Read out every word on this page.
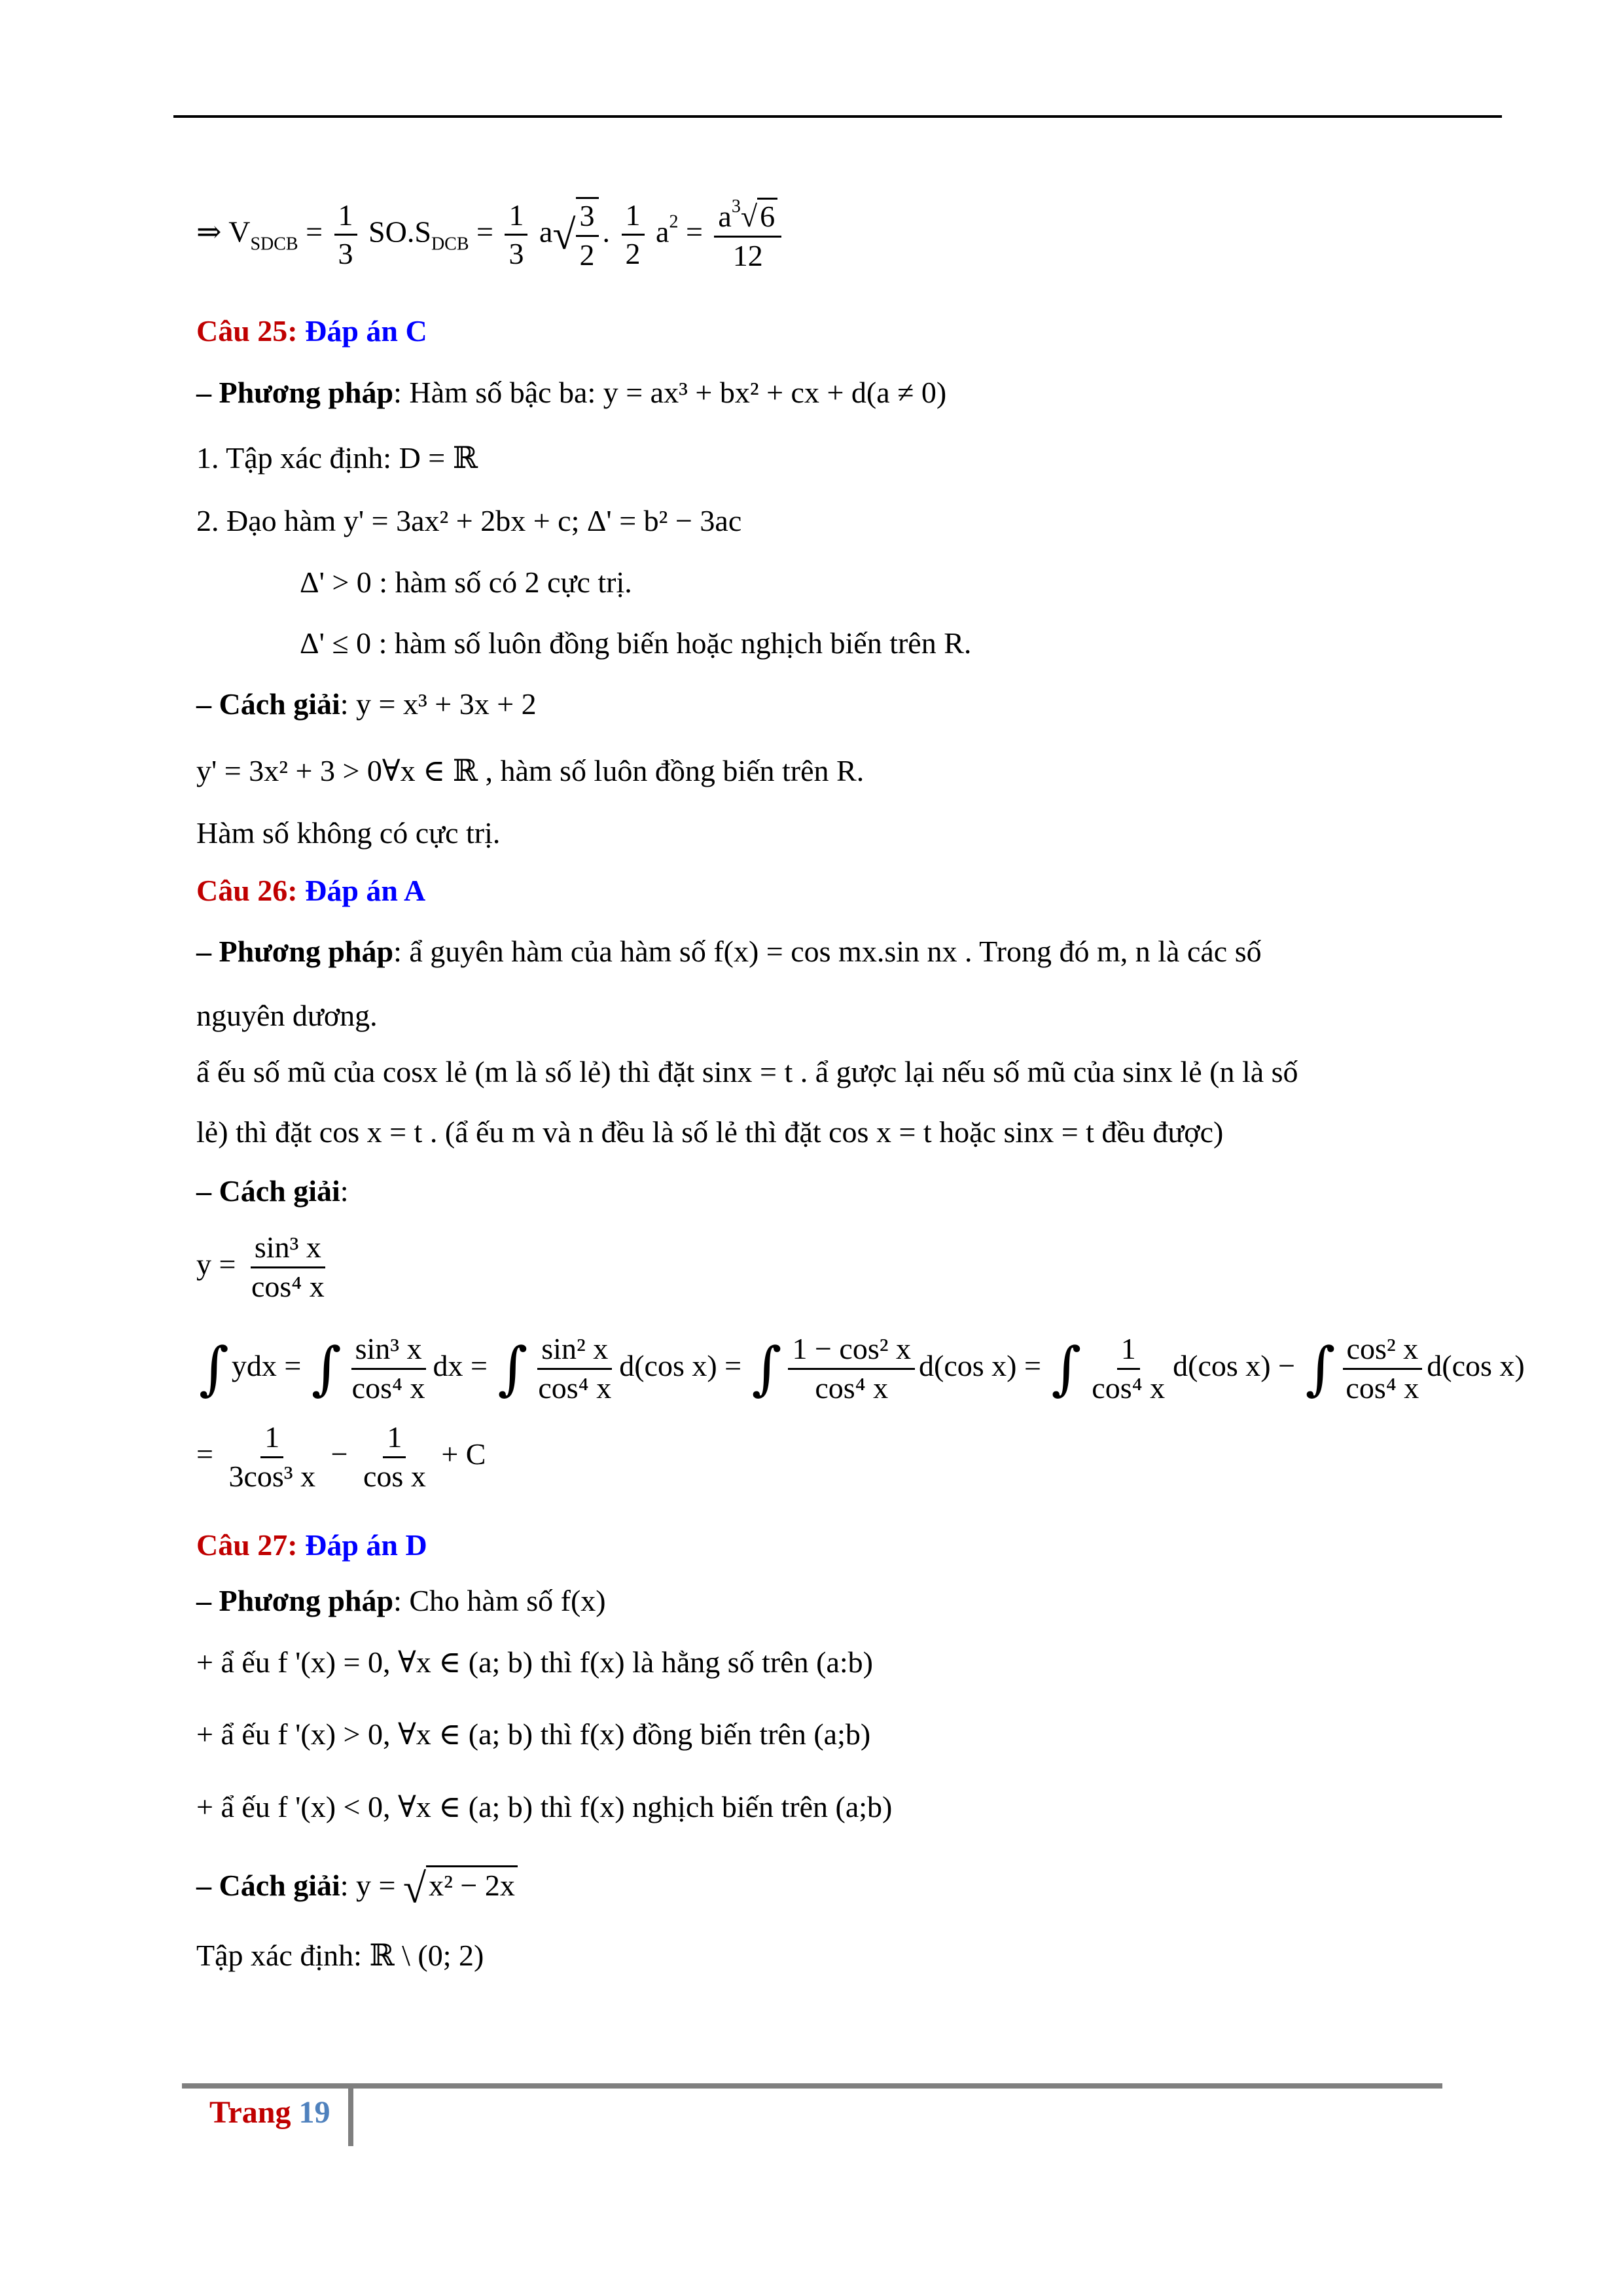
⇒ $V_{SDCB} = \frac{1}{3} SO.S_{DCB} = \frac{1}{3} a√ \frac{3}{2}$ . $\frac{1}{2} a^2 = \frac{a^3√6}{12}$
Câu 25: Đáp án C
– Phương pháp: Hàm số bậc ba: y = ax³ + bx² + cx + d(a ≠ 0)
1. Tập xác định: D = ℝ
2. Đạo hàm y' = 3ax² + 2bx + c; Δ' = b² − 3ac
Δ' > 0 : hàm số có 2 cực trị.
Δ' ≤ 0 : hàm số luôn đồng biến hoặc nghịch biến trên R.
– Cách giải: y = x³ + 3x + 2
y' = 3x² + 3 > 0∀x ∈ ℝ , hàm số luôn đồng biến trên R.
Hàm số không có cực trị.
Câu 26: Đáp án A
– Phương pháp: ẩ guyên hàm của hàm số f(x) = cos mx.sin nx . Trong đó m, n là các số
nguyên dương.
ẩ ếu số mũ của cosx lẻ (m là số lẻ) thì đặt sinx = t . ẩ gược lại nếu số mũ của sinx lẻ (n là số
lẻ) thì đặt cos x = t . (ẩ ếu m và n đều là số lẻ thì đặt cos x = t hoặc sinx = t đều được)
– Cách giải:
$y = \frac{\text{sin³ x}}{\text{cos⁴ x}}$
∫ydx = ∫ $\frac{\text{sin³ x}}{\text{cos⁴ x}}$ dx = ∫ $\frac{\text{sin² x}}{\text{cos⁴ x}} d(\cos$ x) = ∫ $\frac{\text{1 − cos² x}}{\text{cos⁴ x}} d(\cos$ x) = ∫ $\frac{1}{\text{cos⁴ x}} d(\cos$ x) − ∫ $\frac{\text{cos² x}}{\text{cos⁴ x}} d(\cos$ x)
= $\frac{1}{\text{3cos³ x}} - \frac{1}{\text{cos x}} + C$
Câu 27: Đáp án D
– Phương pháp: Cho hàm số f(x)
+ ẩ ếu f '(x) = 0, ∀x ∈ (a; b) thì f(x) là hằng số trên (a:b)
+ ẩ ếu f '(x) > 0, ∀x ∈ (a; b) thì f(x) đồng biến trên (a;b)
+ ẩ ếu f '(x) < 0, ∀x ∈ (a; b) thì f(x) nghịch biến trên (a;b)
– Cách giải: y = √x² − 2x
Tập xác định: ℝ \ (0; 2)
Trang 19
